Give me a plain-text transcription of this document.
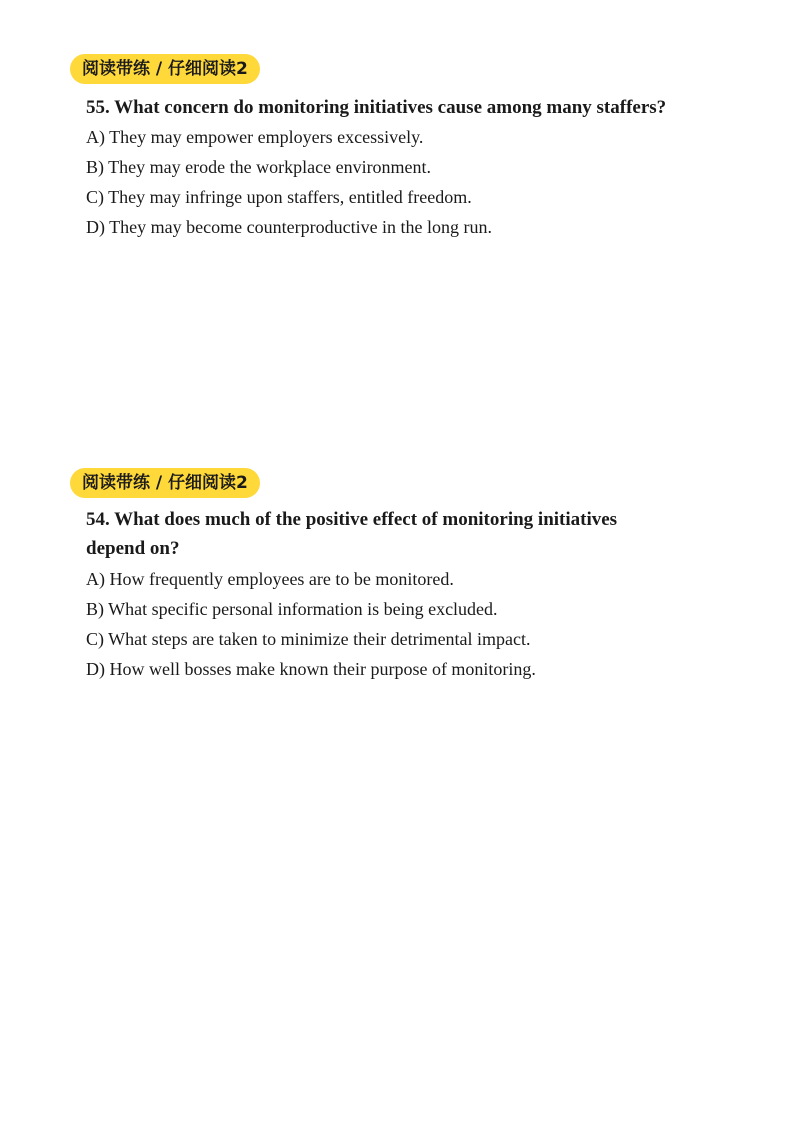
阅读带练 / 仔细阅读2
55. What concern do monitoring initiatives cause among many staffers?
A) They may empower employers excessively.
B) They may erode the workplace environment.
C) They may infringe upon staffers, entitled freedom.
D) They may become counterproductive in the long run.
阅读带练 / 仔细阅读2
54. What does much of the positive effect of monitoring initiatives depend on?
A) How frequently employees are to be monitored.
B) What specific personal information is being excluded.
C) What steps are taken to minimize their detrimental impact.
D) How well bosses make known their purpose of monitoring.
